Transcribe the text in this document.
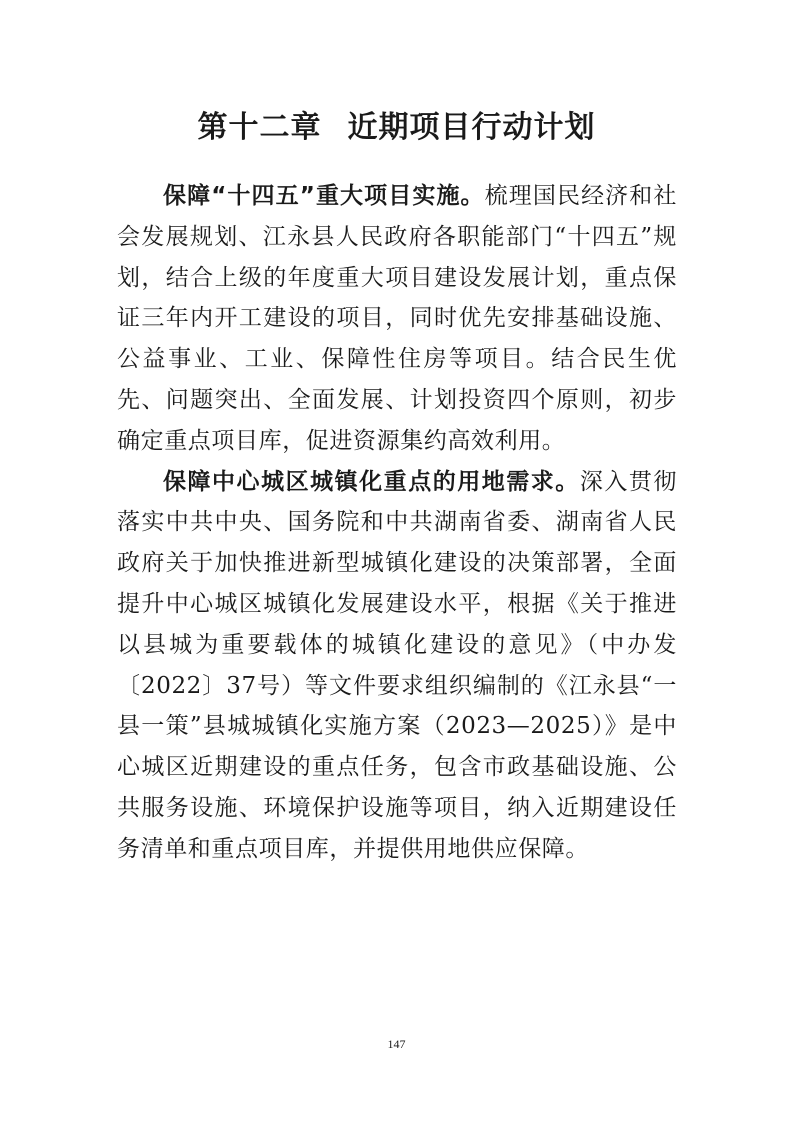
第十二章 近期项目行动计划

保障“十四五”重大项目实施。梳理国民经济和社会发展规划、江永县人民政府各职能部门“十四五”规划，结合上级的年度重大项目建设发展计划，重点保证三年内开工建设的项目，同时优先安排基础设施、公益事业、工业、保障性住房等项目。结合民生优先、问题突出、全面发展、计划投资四个原则，初步确定重点项目库，促进资源集约高效利用。

保障中心城区城镇化重点的用地需求。深入贯彻落实中共中央、国务院和中共湖南省委、湖南省人民政府关于加快推进新型城镇化建设的决策部署，全面提升中心城区城镇化发展建设水平，根据《关于推进以县城为重要载体的城镇化建设的意见》（中办发〔2022〕37号）等文件要求组织编制的《江永县“一县一策”县城城镇化实施方案（2023—2025）》是中心城区近期建设的重点任务，包含市政基础设施、公共服务设施、环境保护设施等项目，纳入近期建设任务清单和重点项目库，并提供用地供应保障。

147
